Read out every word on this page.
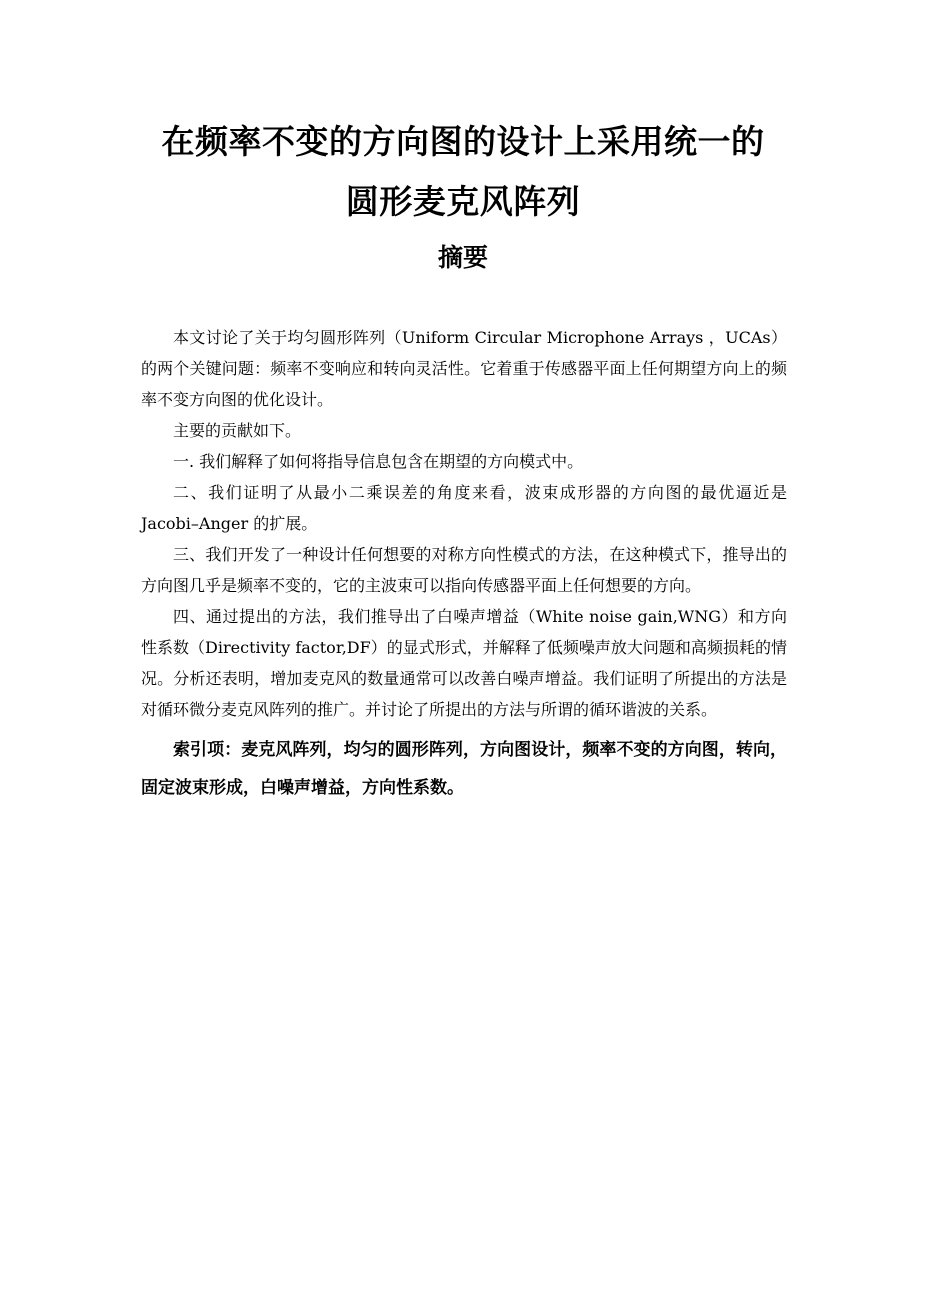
在频率不变的方向图的设计上采用统一的
圆形麦克风阵列
摘要

本文讨论了关于均匀圆形阵列（Uniform Circular Microphone Arrays ，UCAs）的两个关键问题：频率不变响应和转向灵活性。它着重于传感器平面上任何期望方向上的频率不变方向图的优化设计。

主要的贡献如下。

一. 我们解释了如何将指导信息包含在期望的方向模式中。

二、我们证明了从最小二乘误差的角度来看，波束成形器的方向图的最优逼近是 Jacobi–Anger 的扩展。

三、我们开发了一种设计任何想要的对称方向性模式的方法，在这种模式下，推导出的方向图几乎是频率不变的，它的主波束可以指向传感器平面上任何想要的方向。

四、通过提出的方法，我们推导出了白噪声增益（White noise gain,WNG）和方向性系数（Directivity factor,DF）的显式形式，并解释了低频噪声放大问题和高频损耗的情况。分析还表明，增加麦克风的数量通常可以改善白噪声增益。我们证明了所提出的方法是对循环微分麦克风阵列的推广。并讨论了所提出的方法与所谓的循环谐波的关系。

索引项：麦克风阵列，均匀的圆形阵列，方向图设计，频率不变的方向图，转向，固定波束形成，白噪声增益，方向性系数。
